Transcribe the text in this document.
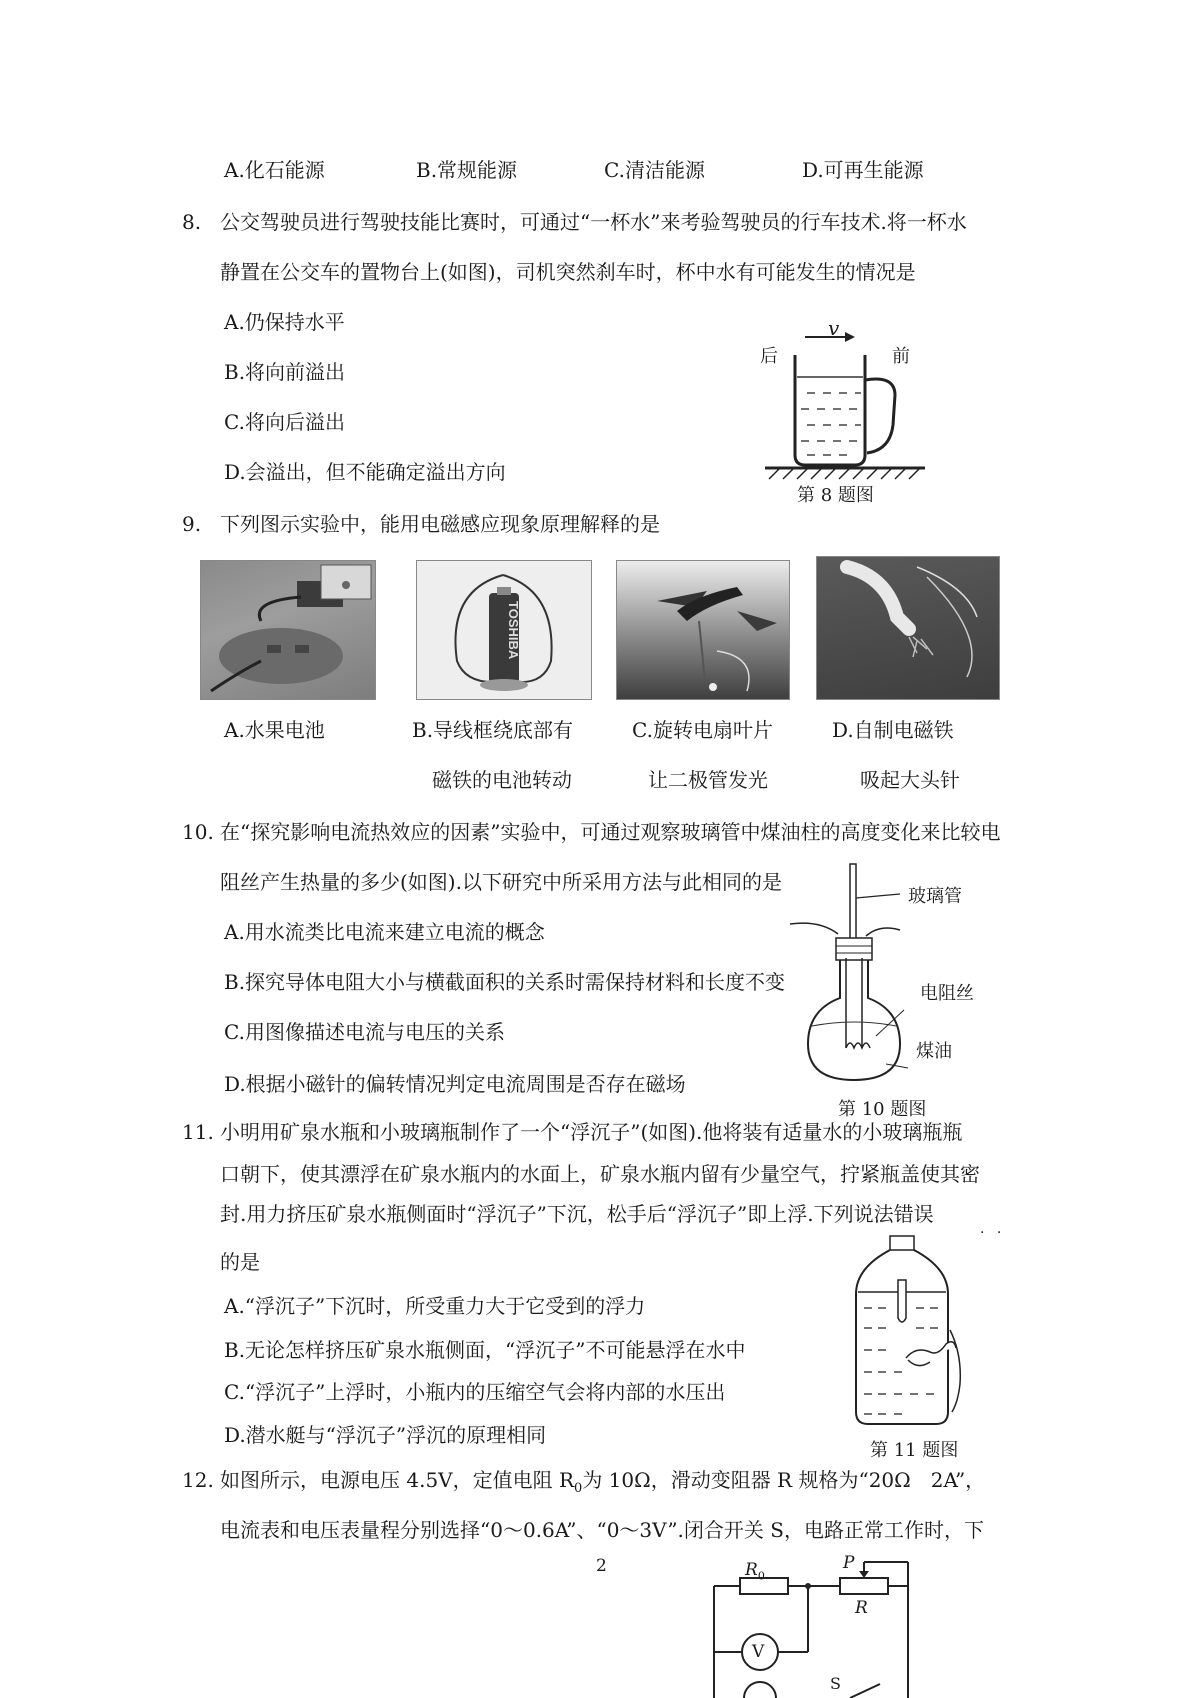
A.化石能源	B.常规能源	C.清洁能源	D.可再生能源
8. 公交驾驶员进行驾驶技能比赛时，可通过“一杯水”来考验驾驶员的行车技术.将一杯水
静置在公交车的置物台上(如图)，司机突然刹车时，杯中水有可能发生的情况是
A.仍保持水平
B.将向前溢出
C.将向后溢出
D.会溢出，但不能确定溢出方向
v
后	前
第 8 题图
9. 下列图示实验中，能用电磁感应现象原理解释的是
TOSHIBA
A.水果电池	B.导线框绕底部有
磁铁的电池转动
C.旋转电扇叶片
让二极管发光
D.自制电磁铁
吸起大头针
10. 在“探究影响电流热效应的因素”实验中，可通过观察玻璃管中煤油柱的高度变化来比较电
阻丝产生热量的多少(如图).以下研究中所采用方法与此相同的是
A.用水流类比电流来建立电流的概念
B.探究导体电阻大小与横截面积的关系时需保持材料和长度不变
C.用图像描述电流与电压的关系
D.根据小磁针的偏转情况判定电流周围是否存在磁场
玻璃管
电阻丝
煤油
第 10 题图
11. 小明用矿泉水瓶和小玻璃瓶制作了一个“浮沉子”(如图).他将装有适量水的小玻璃瓶瓶
口朝下，使其漂浮在矿泉水瓶内的水面上，矿泉水瓶内留有少量空气，拧紧瓶盖使其密
封.用力挤压矿泉水瓶侧面时“浮沉子”下沉，松手后“浮沉子”即上浮.下列说法错误
· ·
的是
A.“浮沉子”下沉时，所受重力大于它受到的浮力
B.无论怎样挤压矿泉水瓶侧面，“浮沉子”不可能悬浮在水中
C.“浮沉子”上浮时，小瓶内的压缩空气会将内部的水压出
D.潜水艇与“浮沉子”浮沉的原理相同
第 11 题图
12. 如图所示，电源电压 4.5V，定值电阻 $R_0$为 10Ω，滑动变阻器 R 规格为“20Ω　2A”，
电流表和电压表量程分别选择“0～0.6A”、“0～3V”.闭合开关 S，电路正常工作时，下
2	$R_0$
P
R
V
S
